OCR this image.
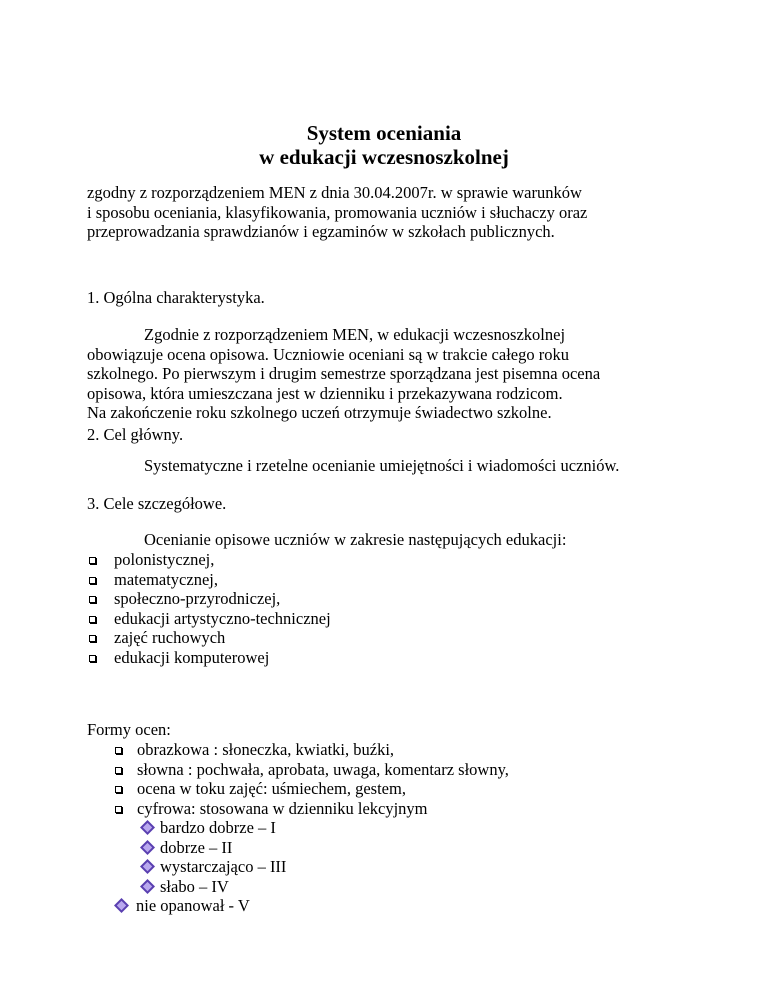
System oceniania
w edukacji wczesnoszkolnej
zgodny z rozporządzeniem MEN z dnia 30.04.2007r. w sprawie warunków
i sposobu oceniania, klasyfikowania, promowania uczniów i słuchaczy oraz
przeprowadzania sprawdzianów i egzaminów w szkołach publicznych.
1. Ogólna charakterystyka.
Zgodnie z rozporządzeniem MEN, w edukacji wczesnoszkolnej
obowiązuje ocena opisowa. Uczniowie oceniani są w trakcie całego roku
szkolnego. Po pierwszym i drugim semestrze sporządzana jest pisemna ocena
opisowa, która umieszczana jest w dzienniku i przekazywana rodzicom.
Na zakończenie roku szkolnego uczeń otrzymuje świadectwo szkolne.
2. Cel główny.
Systematyczne i rzetelne ocenianie umiejętności i wiadomości uczniów.
3. Cele szczegółowe.
Ocenianie opisowe uczniów w zakresie następujących edukacji:
polonistycznej,
matematycznej,
społeczno-przyrodniczej,
edukacji artystyczno-technicznej
zajęć ruchowych
edukacji komputerowej
Formy ocen:
obrazkowa : słoneczka, kwiatki, buźki,
słowna : pochwała, aprobata, uwaga, komentarz słowny,
ocena w toku zajęć: uśmiechem, gestem,
cyfrowa: stosowana w dzienniku lekcyjnym
bardzo dobrze – I
dobrze – II
wystarczająco – III
słabo – IV
nie opanował - V
